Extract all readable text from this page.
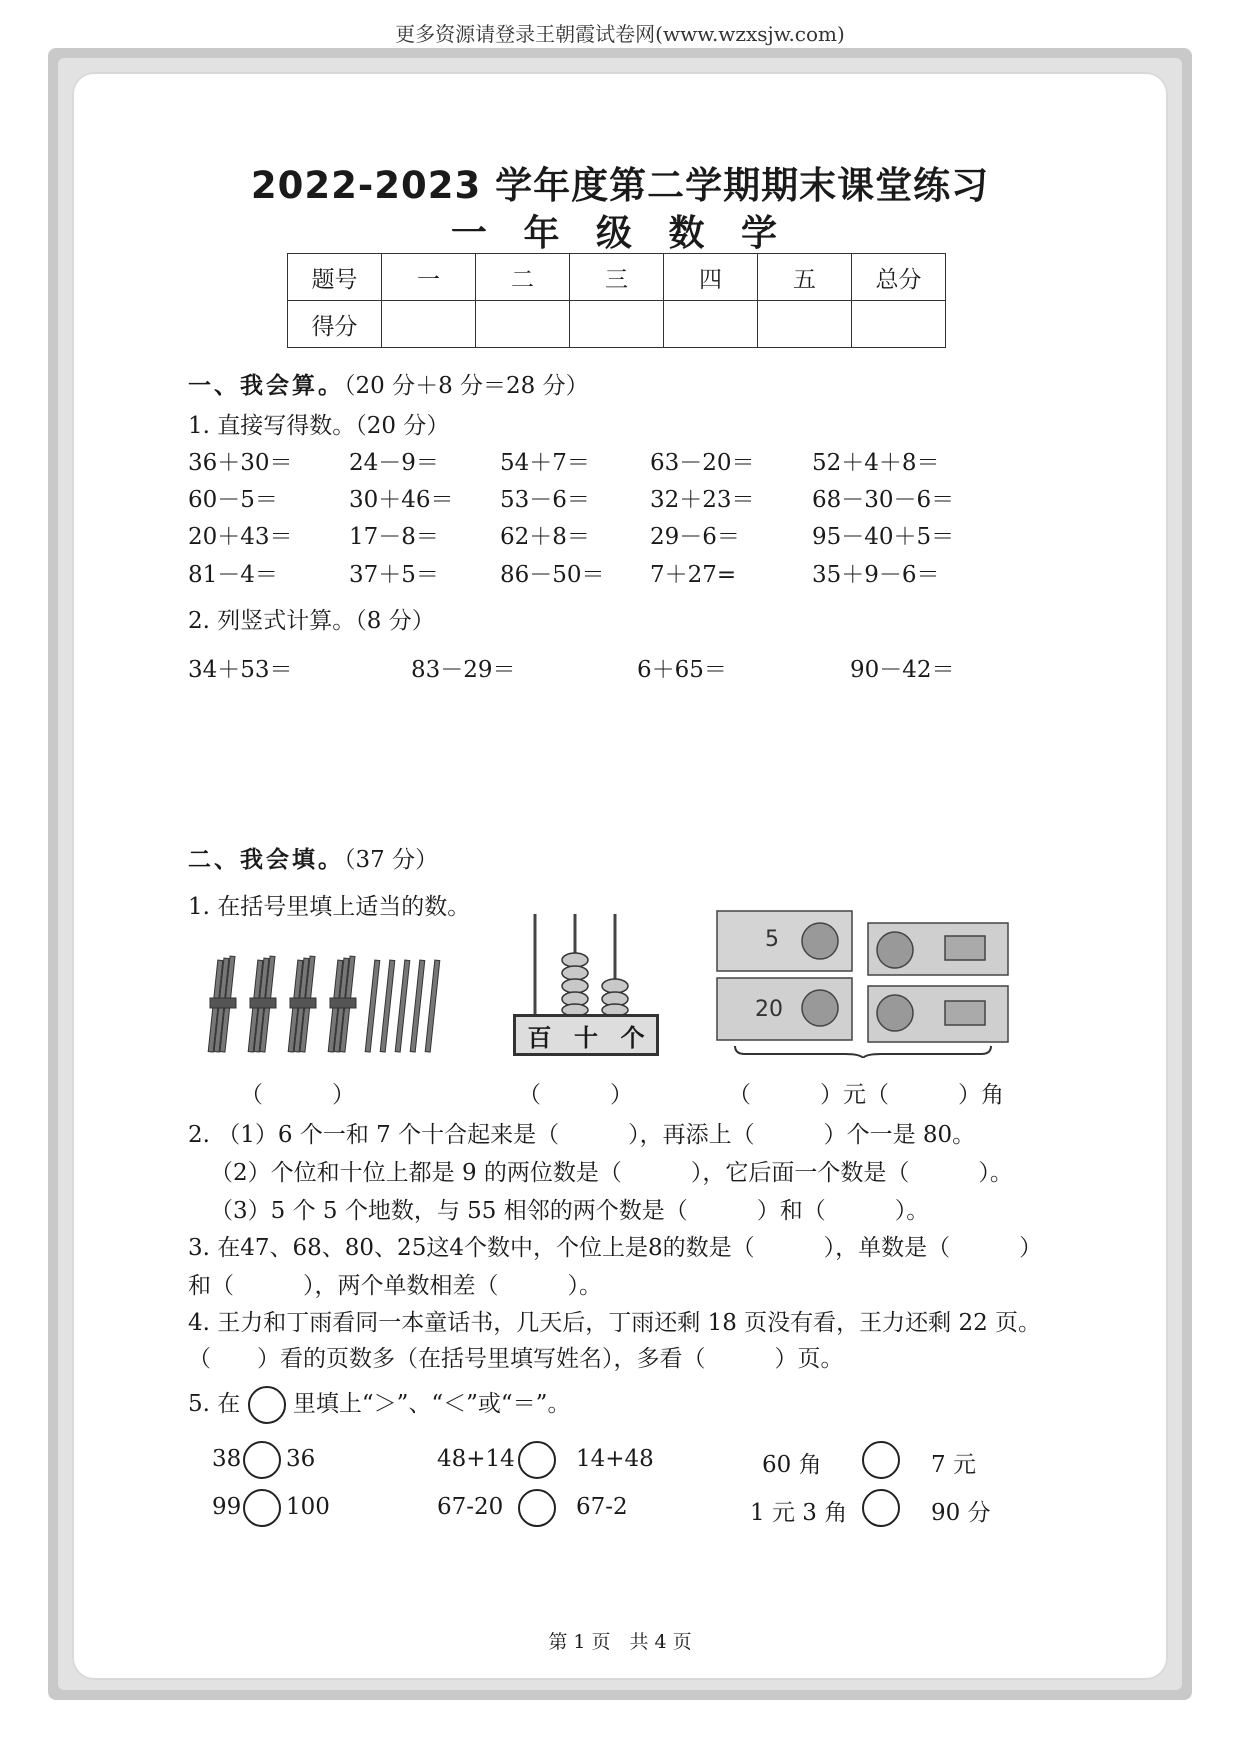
更多资源请登录王朝霞试卷网(www.wzxsjw.com)
2022-2023 学年度第二学期期末课堂练习
一 年 级 数 学
题号	一	二	三	四	五	总分
得分						
一、我会算。（20 分＋8 分＝28 分）
1. 直接写得数。（20 分）
36＋30＝ 24－9＝	54＋7＝	63－20＝ 52＋4＋8＝
60－5＝	30＋46＝ 53－6＝	32＋23＝ 68－30－6＝
20＋43＝ 17－8＝	62＋8＝	29－6＝	95－40＋5＝
81－4＝	37＋5＝	86－50＝ 7＋27=	35＋9－6＝
2. 列竖式计算。（8 分）
34＋53＝	83－29＝	6＋65＝	90－42＝
二、我会填。（37 分）
1. 在括号里填上适当的数。
百 十 个
5
20
（　　　）	（　　　）	（　　　）元（　　　）角
2. （1）6 个一和 7 个十合起来是（　　　），再添上（　　　）个一是 80。
（2）个位和十位上都是 9 的两位数是（　　　），它后面一个数是（　　　）。
（3）5 个 5 个地数，与 55 相邻的两个数是（　　　）和（　　　）。
3. 在47、68、80、25这4个数中，个位上是8的数是（　　　），单数是（　　　）
和（　　　），两个单数相差（　　　）。
4. 王力和丁雨看同一本童话书，几天后，丁雨还剩 18 页没有看，王力还剩 22 页。
（　　）看的页数多（在括号里填写姓名），多看（　　　）页。
5. 在 里填上“＞”、“＜”或“＝”。
38 36	48+14	14+48	60 角	7 元
99 100	67-20	67-2	1 元 3 角	90 分
第 1 页　共 4 页
